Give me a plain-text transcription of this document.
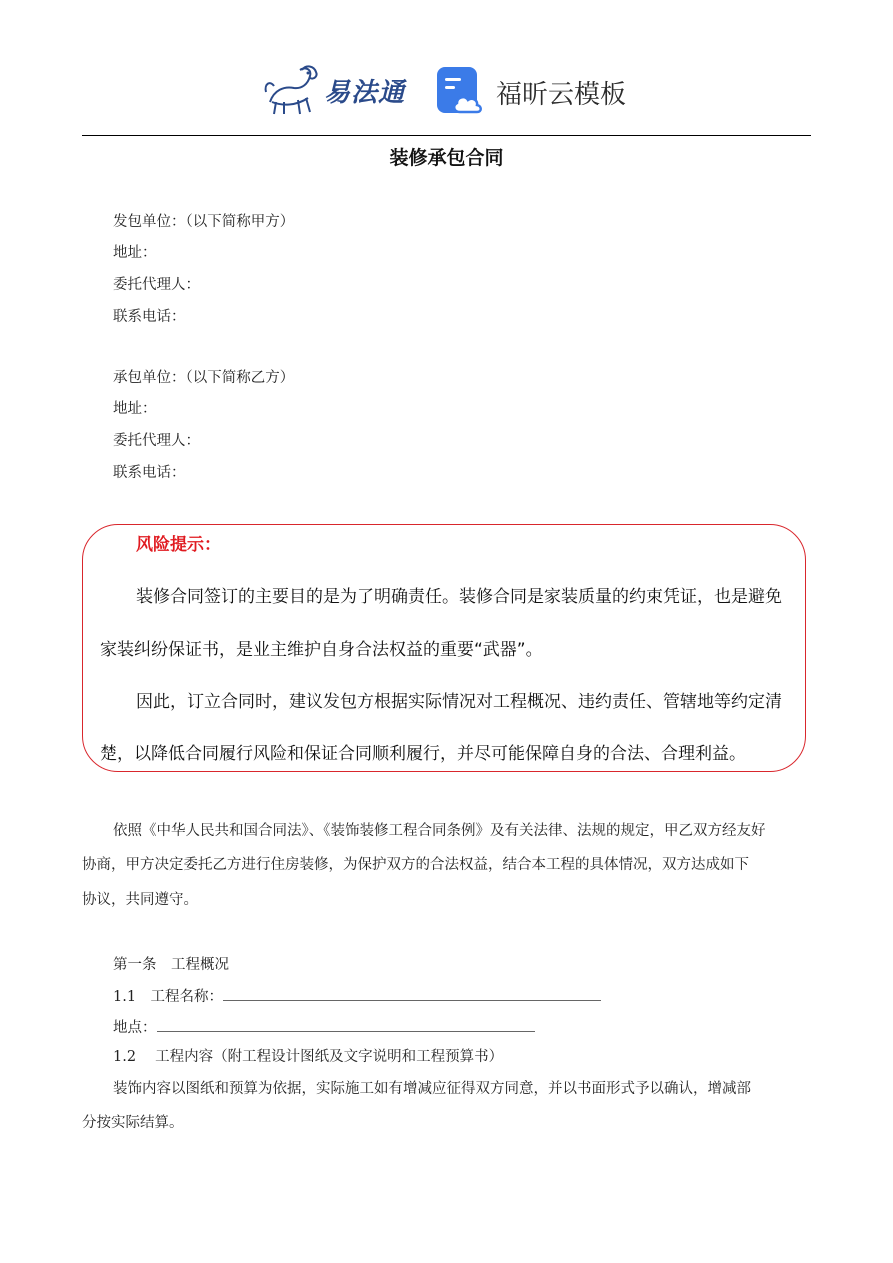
易法通	福昕云模板
装修承包合同
发包单位：（以下简称甲方）
地址：
委托代理人：
联系电话：
承包单位：（以下简称乙方）
地址：
委托代理人：
联系电话：
风险提示：
装修合同签订的主要目的是为了明确责任。装修合同是家装质量的约束凭证，也是避免
家装纠纷保证书，是业主维护自身合法权益的重要“武器”。
因此，订立合同时，建议发包方根据实际情况对工程概况、违约责任、管辖地等约定清
楚，以降低合同履行风险和保证合同顺利履行，并尽可能保障自身的合法、合理利益。
依照《中华人民共和国合同法》、《装饰装修工程合同条例》及有关法律、法规的规定，甲乙双方经友好
协商，甲方决定委托乙方进行住房装修，为保护双方的合法权益，结合本工程的具体情况，双方达成如下
协议，共同遵守。
第一条　工程概况
1.1　工程名称：
地点：
1.2　 工程内容（附工程设计图纸及文字说明和工程预算书）
装饰内容以图纸和预算为依据，实际施工如有增减应征得双方同意，并以书面形式予以确认，增减部
分按实际结算。
